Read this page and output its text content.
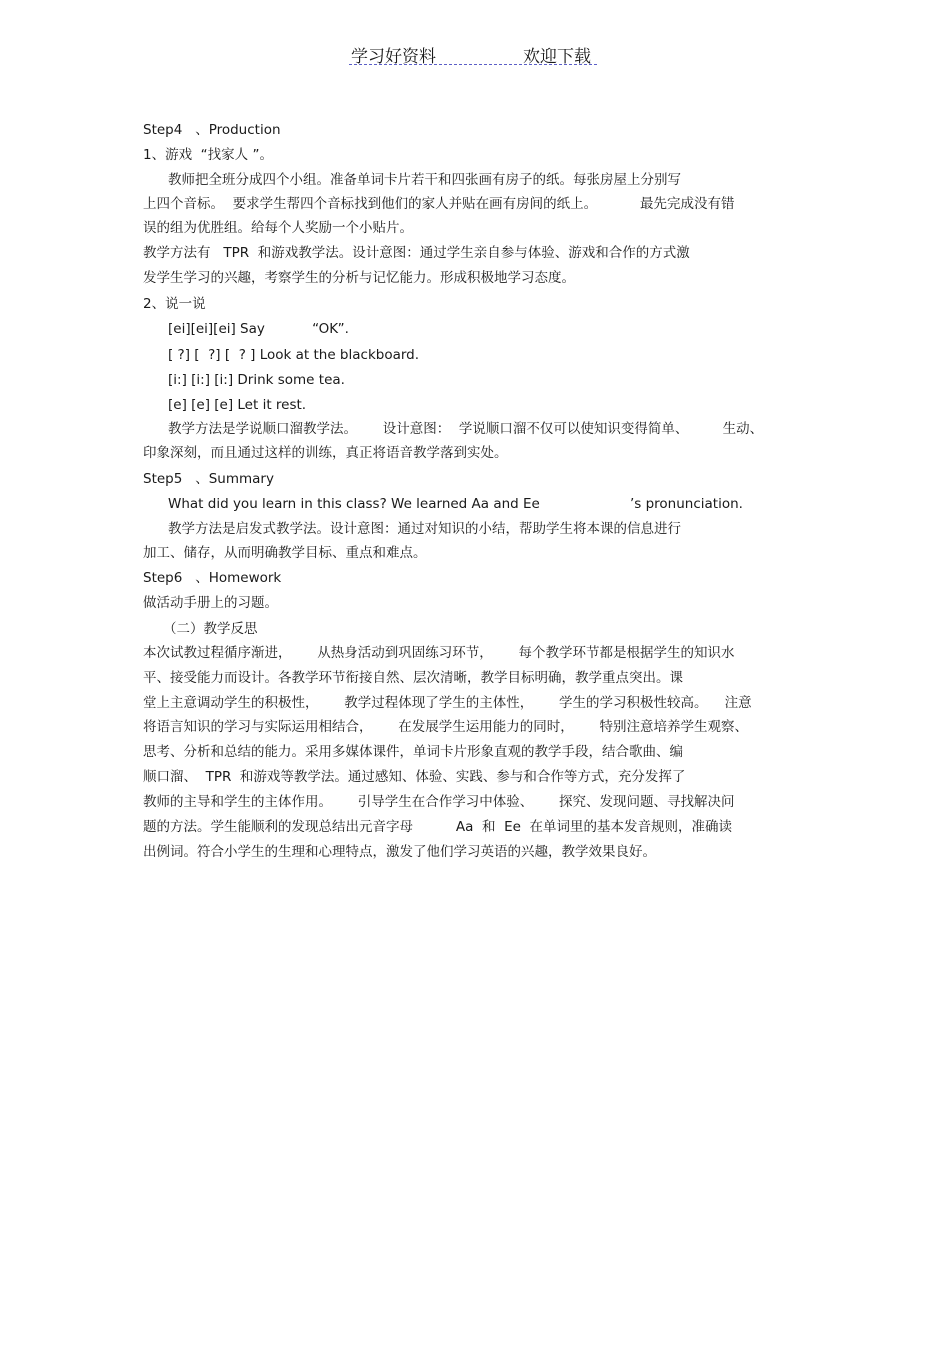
学习好资料	欢迎下载
Step4   、Production
1、游戏  “找家人 ”。
教师把全班分成四个小组。准备单词卡片若干和四张画有房子的纸。每张房屋上分别写
上四个音标。  要求学生帮四个音标找到他们的家人并贴在画有房间的纸上。          最先完成没有错
误的组为优胜组。给每个人奖励一个小贴片。
教学方法有   TPR  和游戏教学法。设计意图：通过学生亲自参与体验、游戏和合作的方式激
发学生学习的兴趣，考察学生的分析与记忆能力。形成积极地学习态度。
2、说一说
[ei][ei][ei] Say           “OK”.
[ ?] [  ?] [  ? ] Look at the blackboard.
[i:] [i:] [i:] Drink some tea.
[e] [e] [e] Let it rest.
教学方法是学说顺口溜教学法。      设计意图：  学说顺口溜不仅可以使知识变得简单、        生动、
印象深刻，而且通过这样的训练，真正将语音教学落到实处。
Step5   、Summary
What did you learn in this class? We learned Aa and Ee                     ’s pronunciation.
教学方法是启发式教学法。设计意图：通过对知识的小结，帮助学生将本课的信息进行
加工、储存，从而明确教学目标、重点和难点。
Step6   、Homework
做活动手册上的习题。
（二）教学反思
本次试教过程循序渐进，      从热身活动到巩固练习环节，      每个教学环节都是根据学生的知识水
平、接受能力而设计。各教学环节衔接自然、层次清晰，教学目标明确，教学重点突出。课
堂上主意调动学生的积极性，      教学过程体现了学生的主体性，      学生的学习积极性较高。    注意
将语言知识的学习与实际运用相结合，      在发展学生运用能力的同时，      特别注意培养学生观察、
思考、分析和总结的能力。采用多媒体课件，单词卡片形象直观的教学手段，结合歌曲、编
顺口溜、  TPR  和游戏等教学法。通过感知、体验、实践、参与和合作等方式，充分发挥了
教师的主导和学生的主体作用。      引导学生在合作学习中体验、      探究、发现问题、寻找解决问
题的方法。学生能顺利的发现总结出元音字母          Aa  和  Ee  在单词里的基本发音规则，准确读
出例词。符合小学生的生理和心理特点，激发了他们学习英语的兴趣，教学效果良好。
